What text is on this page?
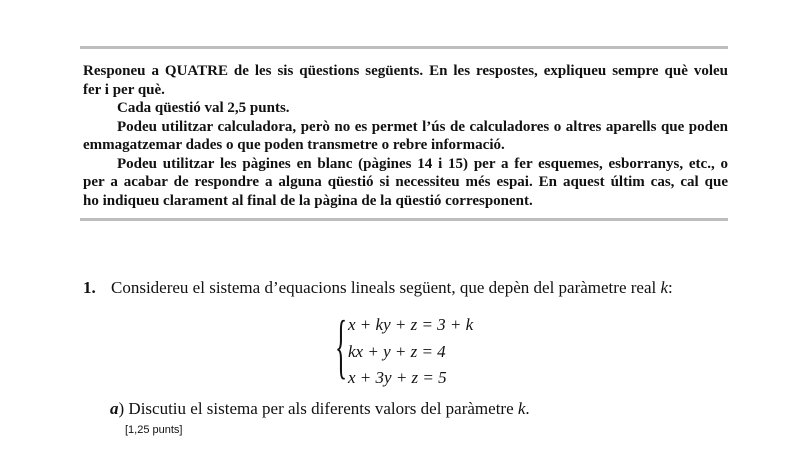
Responeu a QUATRE de les sis qüestions següents. En les respostes, expliqueu sempre què voleu
fer i per què.
Cada qüestió val 2,5 punts.
Podeu utilitzar calculadora, però no es permet l’ús de calculadores o altres aparells que poden
emmagatzemar dades o que poden transmetre o rebre informació.
Podeu utilitzar les pàgines en blanc (pàgines 14 i 15) per a fer esquemes, esborranys, etc., o
per a acabar de respondre a alguna qüestió si necessiteu més espai. En aquest últim cas, cal que
ho indiqueu clarament al final de la pàgina de la qüestió corresponent.
1. Considereu el sistema d’equacions lineals següent, que depèn del paràmetre real k:
{ x + ky + z = 3 + k
kx + y + z = 4
x + 3y + z = 5
a) Discutiu el sistema per als diferents valors del paràmetre k.
[1,25 punts]
